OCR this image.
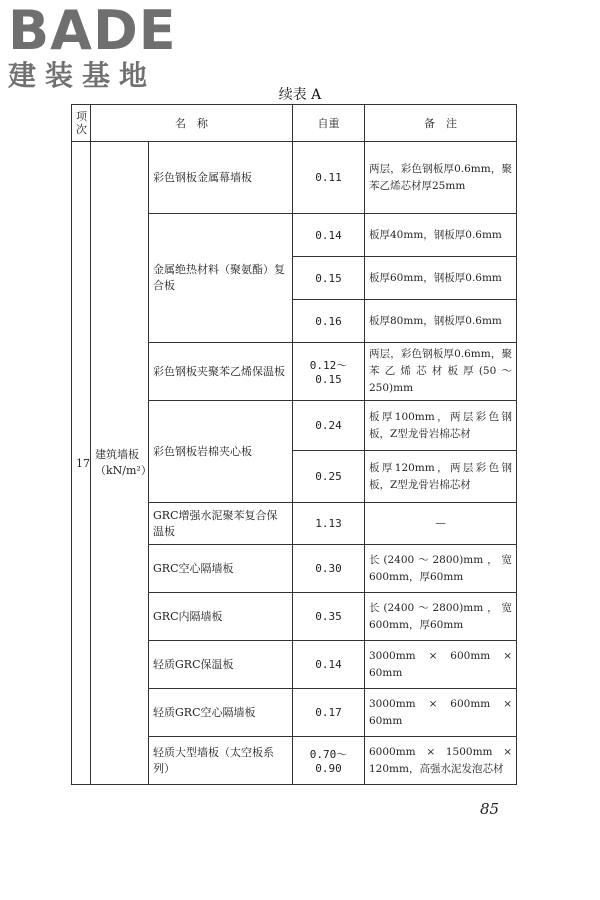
BADE
建装基地
续表 A
项次	名　称		自重	备　注
17	建筑墙板（kN/m²）	彩色钢板金属幕墙板	0.11	两层，彩色钢板厚0.6mm，聚苯乙烯芯材厚25mm
		金属绝热材料（聚氨酯）复合板	0.14	板厚40mm，钢板厚0.6mm
			0.15	板厚60mm，钢板厚0.6mm
			0.16	板厚80mm，钢板厚0.6mm
		彩色钢板夹聚苯乙烯保温板	0.12～0.15	两层，彩色钢板厚0.6mm，聚苯乙烯芯材板厚(50～250)mm
		彩色钢板岩棉夹心板	0.24	板厚100mm，两层彩色钢板，Z型龙骨岩棉芯材
			0.25	板厚120mm，两层彩色钢板，Z型龙骨岩棉芯材
		GRC增强水泥聚苯复合保温板	1.13	—
		GRC空心隔墙板	0.30	长(2400～2800)mm，宽600mm，厚60mm
		GRC内隔墙板	0.35	长(2400～2800)mm，宽600mm，厚60mm
		轻质GRC保温板	0.14	3000mm × 600mm × 60mm
		轻质GRC空心隔墙板	0.17	3000mm × 600mm × 60mm
		轻质大型墙板（太空板系列）	0.70～0.90	6000mm × 1500mm × 120mm，高强水泥发泡芯材
85
